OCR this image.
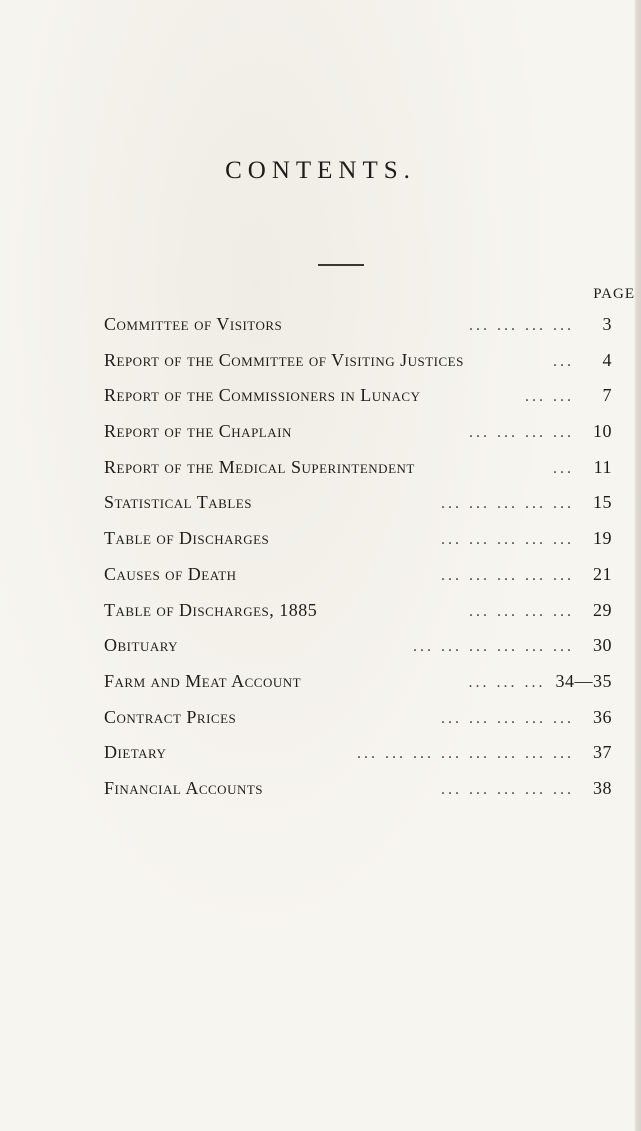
CONTENTS.
PAGE
Committee of Visitors	... ... ... ...	3
Report of the Committee of Visiting Justices	...	4
Report of the Commissioners in Lunacy	... ...	7
Report of the Chaplain	... ... ... ...	10
Report of the Medical Superintendent	...	11
Statistical Tables	... ... ... ... ...	15
Table of Discharges	... ... ... ... ...	19
Causes of Death	... ... ... ... ...	21
Table of Discharges, 1885	... ... ... ...	29
Obituary	... ... ... ... ... ...	30
Farm and Meat Account	... ... ... 34—35
Contract Prices	... ... ... ... ...	36
Dietary	... ... ... ... ... ... ... ...	37
Financial Accounts	... ... ... ... ...	38
